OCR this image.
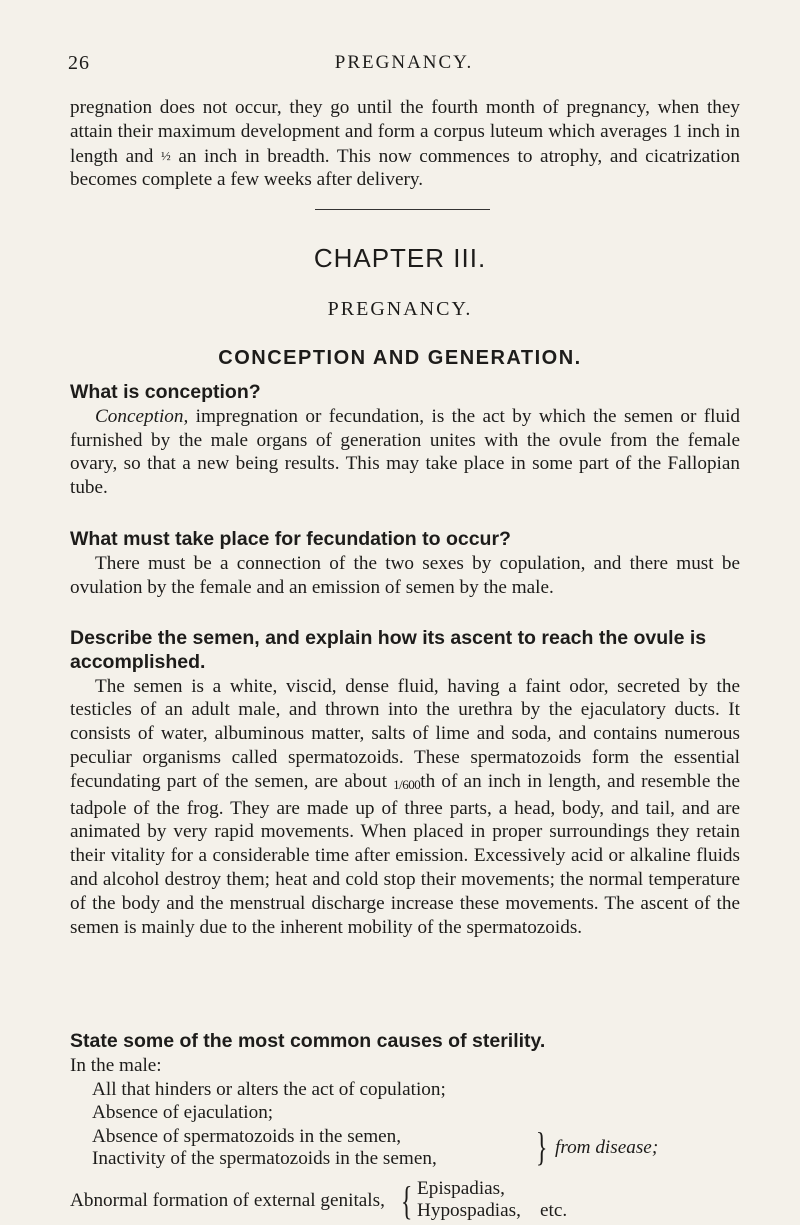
26	PREGNANCY.
pregnation does not occur, they go until the fourth month of pregnancy, when they attain their maximum development and form a corpus luteum which averages 1 inch in length and ½ an inch in breadth. This now commences to atrophy, and cicatrization becomes complete a few weeks after delivery.
CHAPTER III.
PREGNANCY.
CONCEPTION AND GENERATION.
What is conception?

Conception, impregnation or fecundation, is the act by which the semen or fluid furnished by the male organs of generation unites with the ovule from the female ovary, so that a new being results. This may take place in some part of the Fallopian tube.

What must take place for fecundation to occur?

There must be a connection of the two sexes by copulation, and there must be ovulation by the female and an emission of semen by the male.

Describe the semen, and explain how its ascent to reach the ovule is accomplished.

The semen is a white, viscid, dense fluid, having a faint odor, secreted by the testicles of an adult male, and thrown into the urethra by the ejaculatory ducts. It consists of water, albuminous matter, salts of lime and soda, and contains numerous peculiar organisms called spermatozoids. These spermatozoids form the essential fecundating part of the semen, are about 1/600th of an inch in length, and resemble the tadpole of the frog. They are made up of three parts, a head, body, and tail, and are animated by very rapid movements. When placed in proper surroundings they retain their vitality for a considerable time after emission. Excessively acid or alkaline fluids and alcohol destroy them; heat and cold stop their movements; the normal temperature of the body and the menstrual discharge increase these movements. The ascent of the semen is mainly due to the inherent mobility of the spermatozoids.

State some of the most common causes of sterility.
In the male:
All that hinders or alters the act of copulation;
Absence of ejaculation;
Absence of spermatozoids in the semen,
Inactivity of the spermatozoids in the semen, } from disease;
Abnormal formation of external genitals, { Epispadias,
Hypospadias, etc.
